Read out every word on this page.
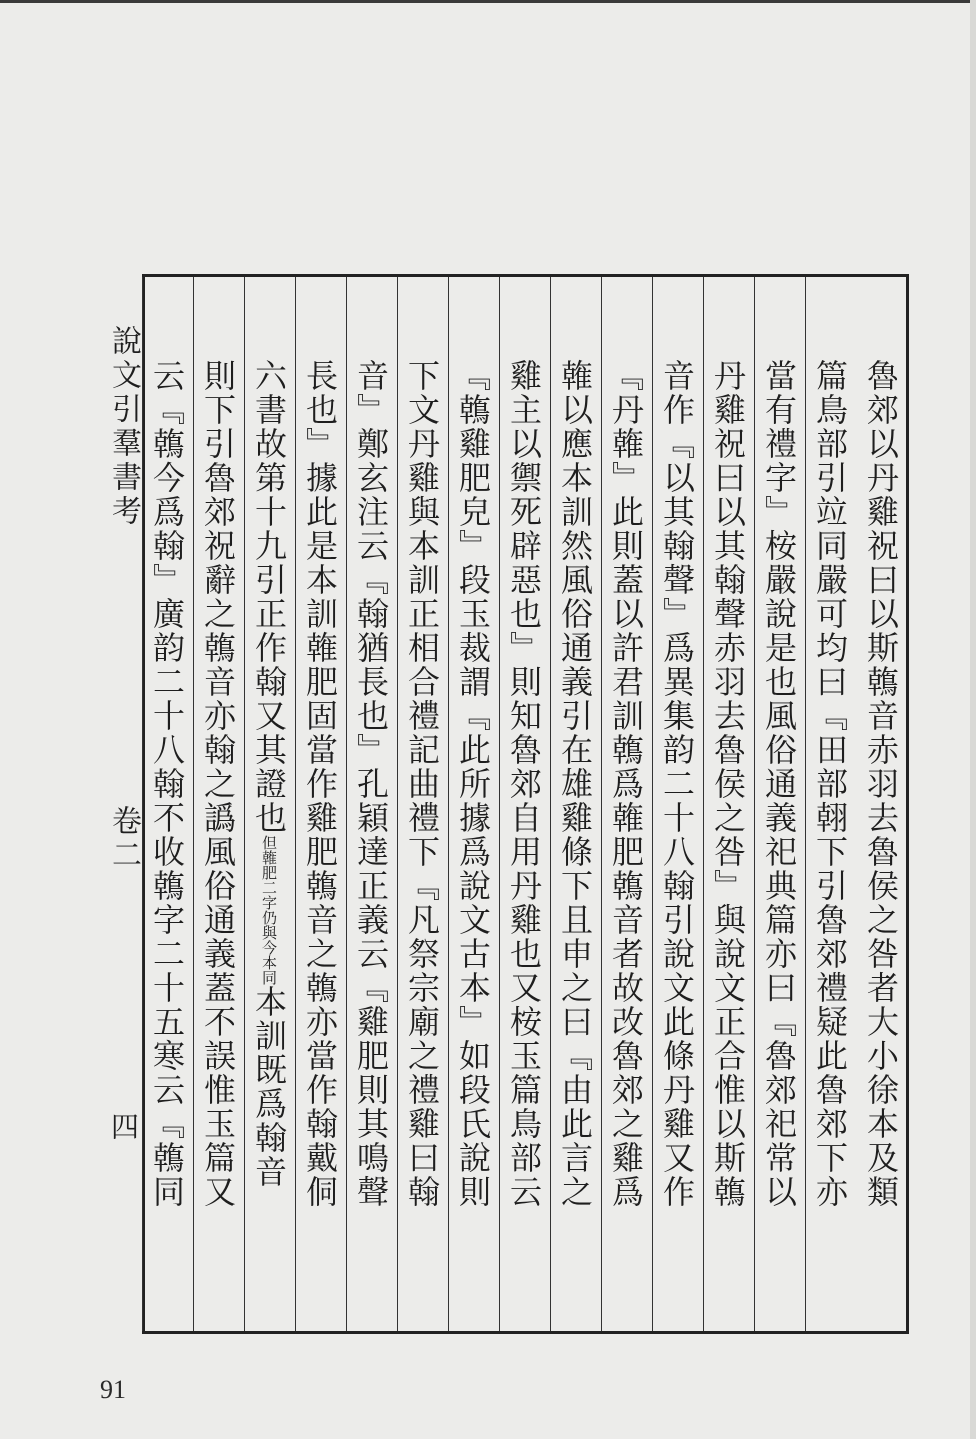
說文引羣書考
卷二
四	魯郊以丹雞祝曰以斯鶾音赤羽去魯侯之咎者大小徐本及類
篇鳥部引竝同嚴可均曰『田部䎐下引魯郊禮疑此魯郊下亦
當有禮字』桉嚴說是也風俗通義祀典篇亦曰『魯郊祀常以
丹雞祝曰以其翰聲赤羽去魯侯之咎』與說文正合惟以斯鶾
音作『以其翰聲』爲異集韵二十八翰引說文此條丹雞又作
『丹雗』此則蓋以許君訓鶾爲雗肥鶾音者故改魯郊之雞爲
雗以應本訓然風俗通義引在雄雞條下且申之曰『由此言之
雞主以禦死辟惡也』則知魯郊自用丹雞也又桉玉篇鳥部云
『鶾雞肥皃』段玉裁謂『此所據爲說文古本』如段氏說則
下文丹雞與本訓正相合禮記曲禮下『凡祭宗廟之禮雞曰翰
音』鄭玄注云『翰猶長也』孔穎達正義云『雞肥則其鳴聲
長也』據此是本訓雗肥固當作雞肥鶾音之鶾亦當作翰戴侗
六書故第十九引正作翰又其證也但雗肥二字仍與今本同本訓既爲翰音
則下引魯郊祝辭之鶾音亦翰之譌風俗通義蓋不誤惟玉篇又
云『鶾今爲翰』廣韵二十八翰不收鶾字二十五寒云『鶾同
91
